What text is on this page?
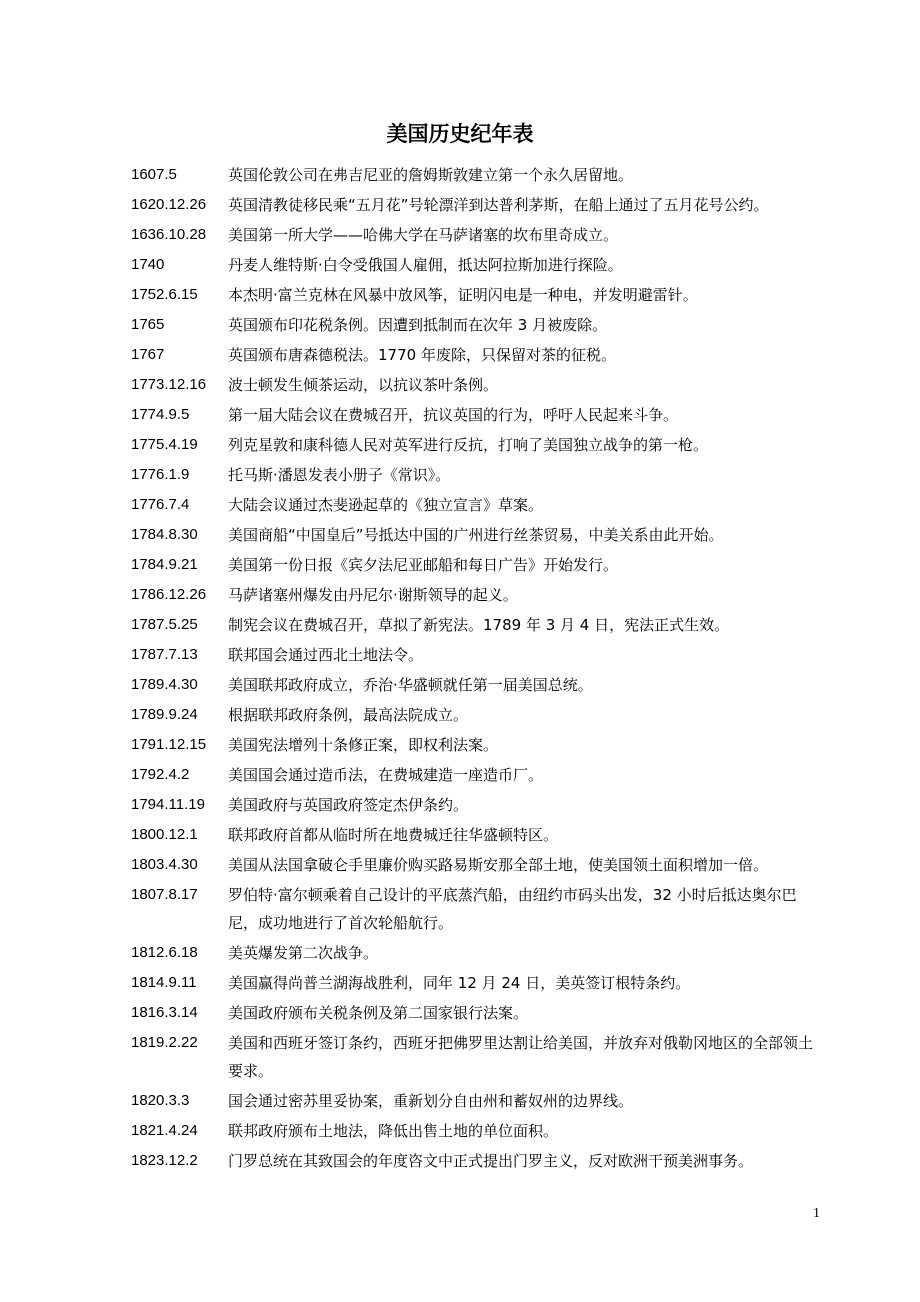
美国历史纪年表
1607.5	英国伦敦公司在弗吉尼亚的詹姆斯敦建立第一个永久居留地。
1620.12.26	英国清教徒移民乘“五月花”号轮漂洋到达普利茅斯，在船上通过了五月花号公约。
1636.10.28	美国第一所大学——哈佛大学在马萨诸塞的坎布里奇成立。
1740	丹麦人维特斯·白令受俄国人雇佣，抵达阿拉斯加进行探险。
1752.6.15	本杰明·富兰克林在风暴中放风筝，证明闪电是一种电，并发明避雷针。
1765	英国颁布印花税条例。因遭到抵制而在次年 3 月被废除。
1767	英国颁布唐森德税法。1770 年废除，只保留对茶的征税。
1773.12.16	波士顿发生倾茶运动，以抗议茶叶条例。
1774.9.5	第一届大陆会议在费城召开，抗议英国的行为，呼吁人民起来斗争。
1775.4.19	列克星敦和康科德人民对英军进行反抗，打响了美国独立战争的第一枪。
1776.1.9	托马斯·潘恩发表小册子《常识》。
1776.7.4	大陆会议通过杰斐逊起草的《独立宣言》草案。
1784.8.30	美国商船“中国皇后”号抵达中国的广州进行丝茶贸易，中美关系由此开始。
1784.9.21	美国第一份日报《宾夕法尼亚邮船和每日广告》开始发行。
1786.12.26	马萨诸塞州爆发由丹尼尔·谢斯领导的起义。
1787.5.25	制宪会议在费城召开，草拟了新宪法。1789 年 3 月 4 日，宪法正式生效。
1787.7.13	联邦国会通过西北土地法令。
1789.4.30	美国联邦政府成立，乔治·华盛顿就任第一届美国总统。
1789.9.24	根据联邦政府条例，最高法院成立。
1791.12.15	美国宪法增列十条修正案，即权利法案。
1792.4.2	美国国会通过造币法，在费城建造一座造币厂。
1794.11.19	美国政府与英国政府签定杰伊条约。
1800.12.1	联邦政府首都从临时所在地费城迁往华盛顿特区。
1803.4.30	美国从法国拿破仑手里廉价购买路易斯安那全部土地，使美国领土面积增加一倍。
1807.8.17	罗伯特·富尔顿乘着自己设计的平底蒸汽船，由纽约市码头出发，32 小时后抵达奥尔巴尼，成功地进行了首次轮船航行。
1812.6.18	美英爆发第二次战争。
1814.9.11	美国赢得尚普兰湖海战胜利，同年 12 月 24 日，美英签订根特条约。
1816.3.14	美国政府颁布关税条例及第二国家银行法案。
1819.2.22	美国和西班牙签订条约，西班牙把佛罗里达割让给美国，并放弃对俄勒冈地区的全部领土要求。
1820.3.3	国会通过密苏里妥协案，重新划分自由州和蓄奴州的边界线。
1821.4.24	联邦政府颁布土地法，降低出售土地的单位面积。
1823.12.2	门罗总统在其致国会的年度咨文中正式提出门罗主义，反对欧洲干预美洲事务。
1
